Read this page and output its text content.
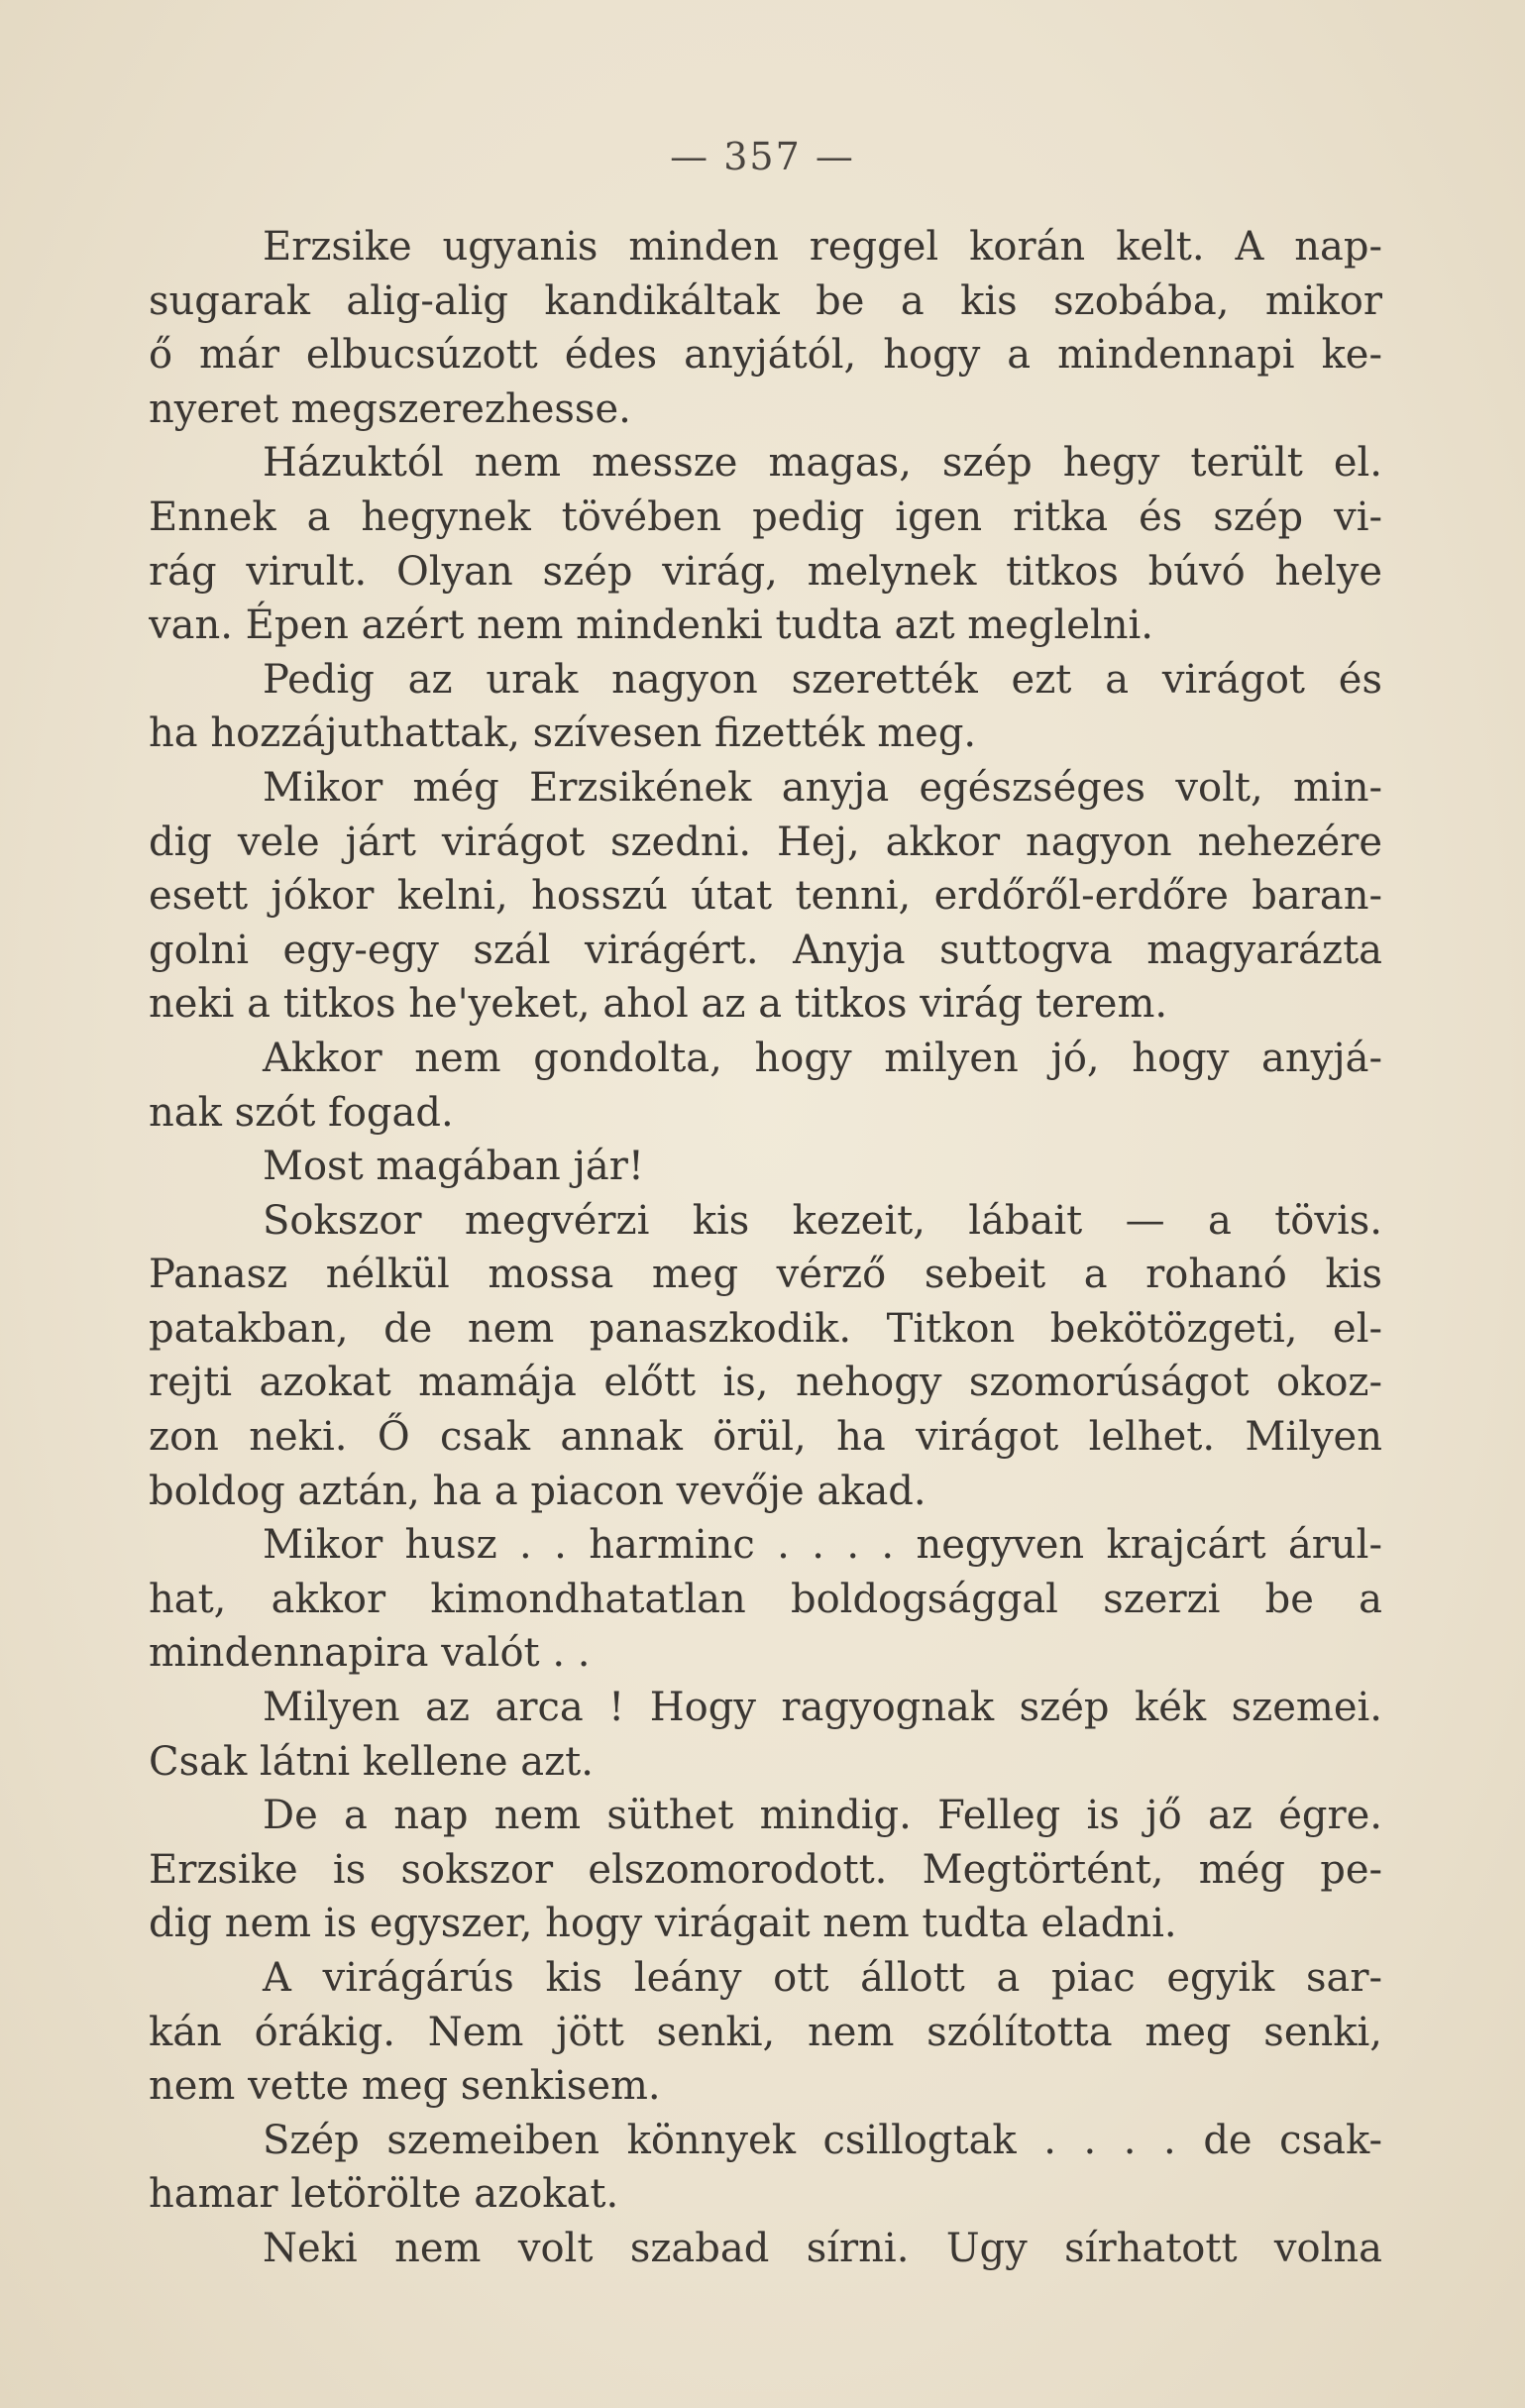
— 357 —
Erzsike ugyanis minden reggel korán kelt. A nap-
sugarak alig-alig kandikáltak be a kis szobába, mikor
ő már elbucsúzott édes anyjától, hogy a mindennapi ke-
nyeret megszerezhesse.
Házuktól nem messze magas, szép hegy terült el.
Ennek a hegynek tövében pedig igen ritka és szép vi-
rág virult. Olyan szép virág, melynek titkos búvó helye
van. Épen azért nem mindenki tudta azt meglelni.
Pedig az urak nagyon szerették ezt a virágot és
ha hozzájuthattak, szívesen fizették meg.
Mikor még Erzsikének anyja egészséges volt, min-
dig vele járt virágot szedni. Hej, akkor nagyon nehezére
esett jókor kelni, hosszú útat tenni, erdőről-erdőre baran-
golni egy-egy szál virágért. Anyja suttogva magyarázta
neki a titkos he'yeket, ahol az a titkos virág terem.
Akkor nem gondolta, hogy milyen jó, hogy anyjá-
nak szót fogad.
Most magában jár!
Sokszor megvérzi kis kezeit, lábait — a tövis.
Panasz nélkül mossa meg vérző sebeit a rohanó kis
patakban, de nem panaszkodik. Titkon bekötözgeti, el-
rejti azokat mamája előtt is, nehogy szomorúságot okoz-
zon neki. Ő csak annak örül, ha virágot lelhet. Milyen
boldog aztán, ha a piacon vevője akad.
Mikor husz . . harminc . . . . negyven krajcárt árul-
hat, akkor kimondhatatlan boldogsággal szerzi be a
mindennapira valót . .
Milyen az arca ! Hogy ragyognak szép kék szemei.
Csak látni kellene azt.
De a nap nem süthet mindig. Felleg is jő az égre.
Erzsike is sokszor elszomorodott. Megtörtént, még pe-
dig nem is egyszer, hogy virágait nem tudta eladni.
A virágárús kis leány ott állott a piac egyik sar-
kán órákig. Nem jött senki, nem szólította meg senki,
nem vette meg senkisem.
Szép szemeiben könnyek csillogtak . . . . de csak-
hamar letörölte azokat.
Neki nem volt szabad sírni. Ugy sírhatott volna
